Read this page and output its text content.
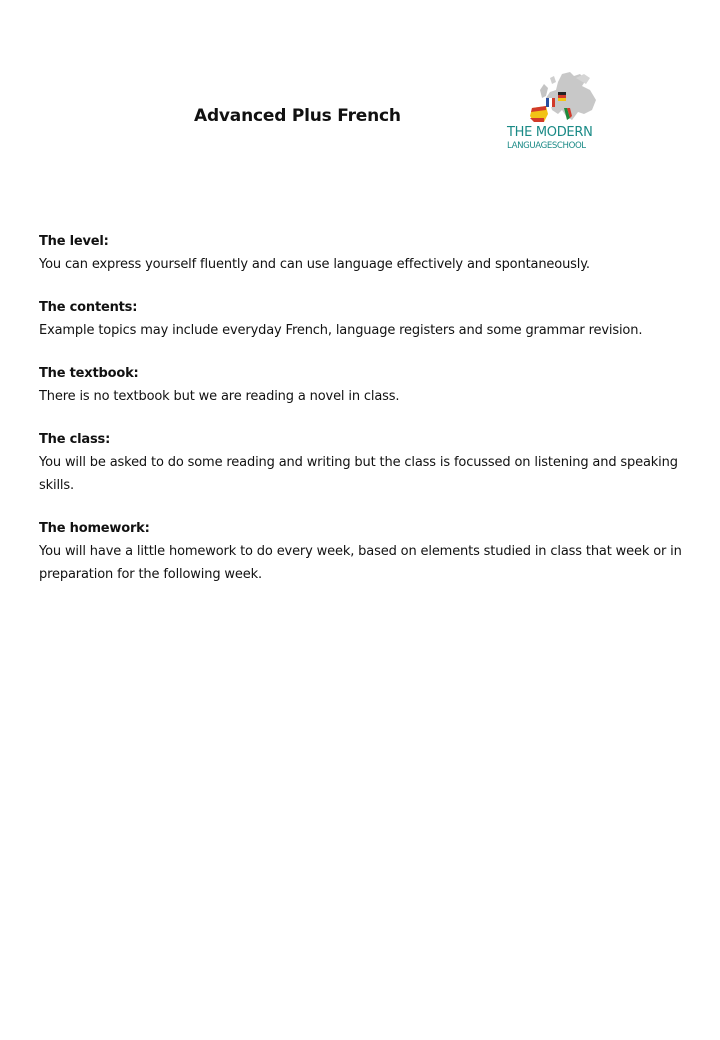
Advanced Plus French
THE MODERN
LANGUAGESCHOOL
The level:
You can express yourself fluently and can use language effectively and spontaneously.
The contents:
Example topics may include everyday French, language registers and some grammar revision.
The textbook:
There is no textbook but we are reading a novel in class.
The class:
You will be asked to do some reading and writing but the class is focussed on listening and speaking skills.
The homework:
You will have a little homework to do every week, based on elements studied in class that week or in preparation for the following week.
